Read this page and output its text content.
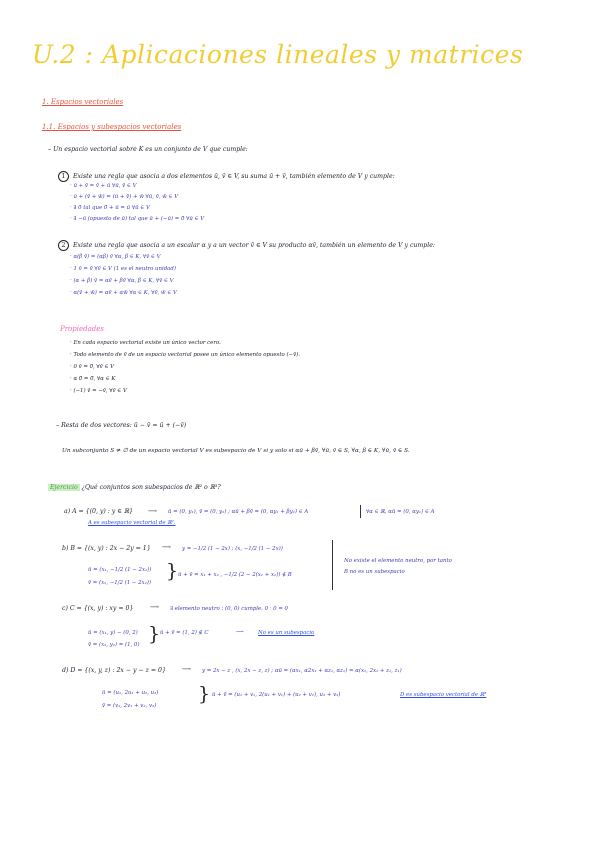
U.2 : Aplicaciones lineales y matrices
1. Espacios vectoriales
1.1. Espacios y subespacios vectoriales
– Un espacio vectorial sobre K es un conjunto de V que cumple:
1 Existe una regla que asocia a dos elementos ū, v̄ ∈ V, su suma ū + v̄, también elemento de V y cumple:
· ū + v̄ = v̄ + ū ∀ū, v̄ ∈ V
· ū + (v̄ + w̄) = (ū + v̄) + w̄ ∀ū, v̄, w̄ ∈ V
· ∃ 0̄ tal que 0̄ + ū = ū ∀ū ∈ V
· ∃ −ū (opuesto de ū) tal que ū + (−ū) = 0̄ ∀ū ∈ V
2 Existe una regla que asocia a un escalar α y a un vector v̄ ∈ V su producto αv̄, también un elemento de V y cumple:
· α(β v̄) = (αβ) v̄ ∀α, β ∈ K, ∀v̄ ∈ V
· 1 v̄ = v̄ ∀v̄ ∈ V (1 es el neutro unidad)
· (α + β) v̄ = αv̄ + βv̄ ∀α, β ∈ K, ∀v̄ ∈ V
· α(v̄ + w̄) = αv̄ + αw̄ ∀α ∈ K, ∀v̄, w̄ ∈ V
Propiedades
· En cada espacio vectorial existe un único vector cero.
· Todo elemento de v̄ de un espacio vectorial posee un único elemento opuesto (−v̄).
· 0 v̄ = 0̄, ∀v̄ ∈ V
· α 0̄ = 0̄, ∀α ∈ K
· (−1) v̄ = −v̄, ∀v̄ ∈ V
– Resta de dos vectores: ū − v̄ = ū + (−v̄)
Un subconjunto S ≠ ∅ de un espacio vectorial V es subespacio de V si y solo si αū + βv̄, ∀ū, v̄ ∈ S, ∀α, β ∈ K, ∀ū, v̄ ∈ S.
Ejercicio ¿Qué conjuntos son subespacios de ℝ² o ℝ³?
a) A = {(0, y) : y ∈ ℝ} ⟶ ū = (0, y₁), v̄ = (0, y₂) ; αū + βv̄ = (0, αy₁ + βy₂) ∈ A	∀α ∈ ℝ, αū = (0, αy₁) ∈ A
A es subespacio vectorial de ℝ².
b) B = {(x, y) : 2x − 2y = 1} ⟶ y = −1/2 (1 − 2x) ; (x, −1/2 (1 − 2x))
ū = (x₁, −1/2 (1 − 2x₁))
v̄ = (x₂, −1/2 (1 − 2x₂))
} ū + v̄ = x₁ + x₂ , −1/2 (2 − 2(x₁ + x₂)) ∉ B
No existe el elemento neutro, por tanto
B no es un subespacio
c) C = {(x, y) : xy = 0}	⟶ ∃ elemento neutro : (0, 0) cumple. 0 · 0 = 0
ū = (x₁, y) − (0, 2)
v̄ = (x₂, y₂) = (1, 0) } ū + v̄ = (1, 2) ∉ C	⟶	No es un subespacio
d) D = {(x, y, z) : 2x − y − z = 0}	⟶ y = 2x − z , (x, 2x − z, z) ; αū = (αx₁, α2x₁ + αz₁, αz₁) = α(x₁, 2x₁ + z₁, z₁)
ū = (u₁, 2u₁ + u₂, u₃)
v̄ = (v₁, 2v₁ + v₂, v₃)
} ū + v̄ = (u₁ + v₁, 2(u₁ + v₁) + (u₂ + v₂), u₃ + v₃)	D es subespacio vectorial de ℝ³
